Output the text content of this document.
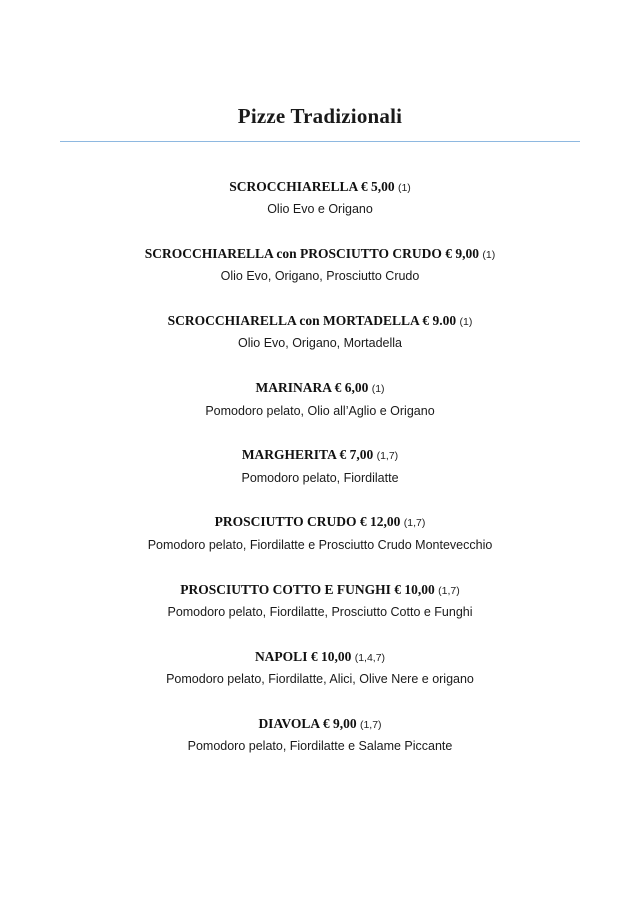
Pizze Tradizionali
SCROCCHIARELLA € 5,00 (1)
Olio Evo e Origano
SCROCCHIARELLA con PROSCIUTTO CRUDO € 9,00 (1)
Olio Evo, Origano, Prosciutto Crudo
SCROCCHIARELLA con MORTADELLA € 9.00 (1)
Olio Evo, Origano, Mortadella
MARINARA € 6,00 (1)
Pomodoro pelato, Olio all’Aglio e Origano
MARGHERITA € 7,00 (1,7)
Pomodoro pelato, Fiordilatte
PROSCIUTTO CRUDO € 12,00 (1,7)
Pomodoro pelato, Fiordilatte e Prosciutto Crudo Montevecchio
PROSCIUTTO COTTO E FUNGHI € 10,00 (1,7)
Pomodoro pelato, Fiordilatte, Prosciutto Cotto e Funghi
NAPOLI € 10,00 (1,4,7)
Pomodoro pelato, Fiordilatte, Alici, Olive Nere e origano
DIAVOLA € 9,00 (1,7)
Pomodoro pelato, Fiordilatte e Salame Piccante
